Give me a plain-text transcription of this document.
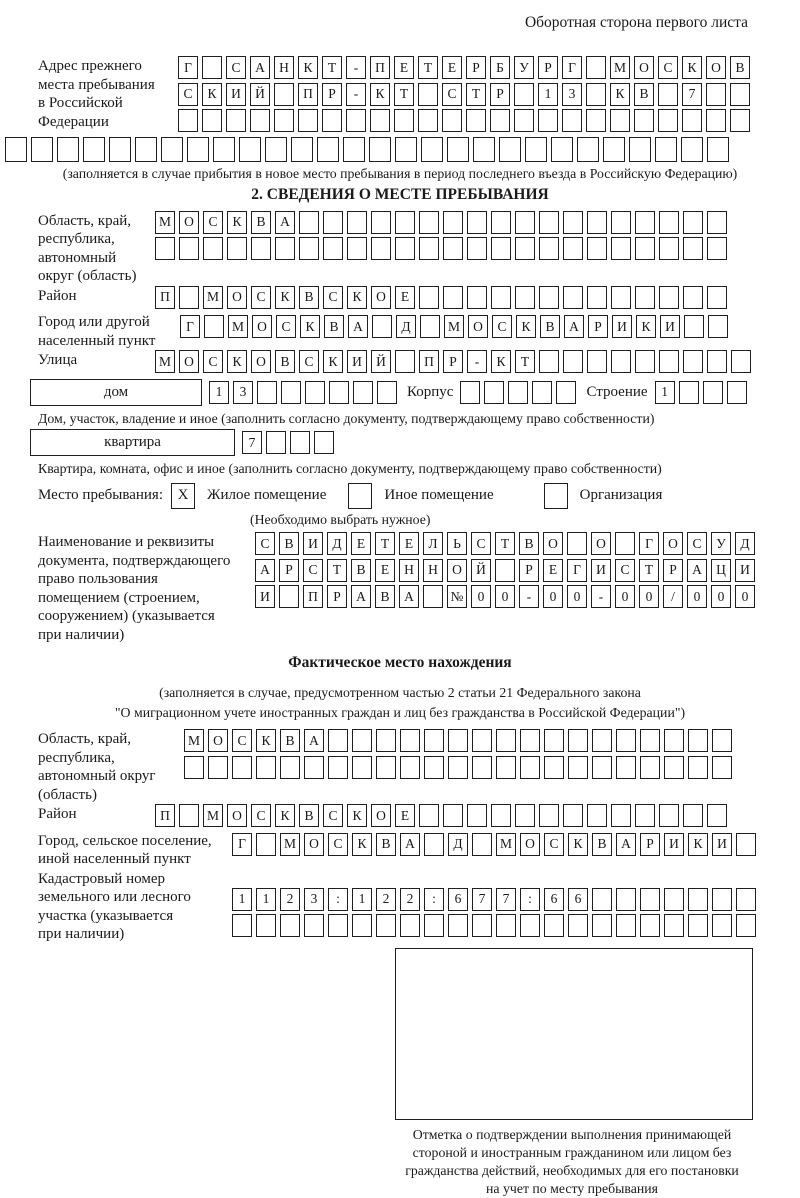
Оборотная сторона первого листа
Адрес прежнего
места пребывания
в Российской
Федерации
Г	С	А	Н	К	Т	-	П	Е	Т	Е	Р	Б	У	Р	Г	М О	С	К	О	В
С	К	И	Й	П	Р	-	К	Т	С	Т	Р	1	3	К	В	7
(заполняется в случае прибытия в новое место пребывания в период последнего въезда в Российскую Федерацию)
2. СВЕДЕНИЯ О МЕСТЕ ПРЕБЫВАНИЯ
Область, край,
республика,
автономный
округ (область)
М О	С	К	В	А
Район	П	М О	С	К	В	С	К	О	Е
Город или другой
населенный пункт
Г	М О	С	К	В	А	Д	М О	С	К	В	А	Р	И	К	И
Улица	М О	С	К	О	В	С	К	И	Й	П	Р	-	К	Т
дом	1	3	Корпус	Строение	1
Дом, участок, владение и иное (заполнить согласно документу, подтверждающему право собственности)
квартира	7
Квартира, комната, офис и иное (заполнить согласно документу, подтверждающему право собственности)
Место пребывания: X	Жилое помещение	Иное помещение	Организация
(Необходимо выбрать нужное)
Наименование и реквизиты
документа, подтверждающего
право пользования
помещением (строением,
сооружением) (указывается
при наличии)
С	В	И	Д	Е	Т	Е	Л	Ь	С	Т	В	О	О	Г	О	С	У	Д
А	Р	С	Т	В	Е	Н	Н	О	Й	Р	Е	Г	И	С	Т	Р	А	Ц	И
И	П	Р	А	В	А	№	0	0	-	0	0	-	0	0	/	0	0	0
Фактическое место нахождения
(заполняется в случае, предусмотренном частью 2 статьи 21 Федерального закона
"О миграционном учете иностранных граждан и лиц без гражданства в Российской Федерации")
Область, край,
республика,
автономный округ
(область)
М О	С	К	В	А
Район	П	М О	С	К	В	С	К	О	Е
Город, сельское поселение,
иной населенный пункт
Г	М О	С	К	В	А	Д	М О	С	К	В	А	Р	И	К	И
Кадастровый номер
земельного или лесного
участка (указывается
при наличии)
1	1	2	3	:	1	2	2	:	6	7	7	:	6	6
Отметка о подтверждении выполнения принимающей
стороной и иностранным гражданином или лицом без
гражданства действий, необходимых для его постановки
на учет по месту пребывания
